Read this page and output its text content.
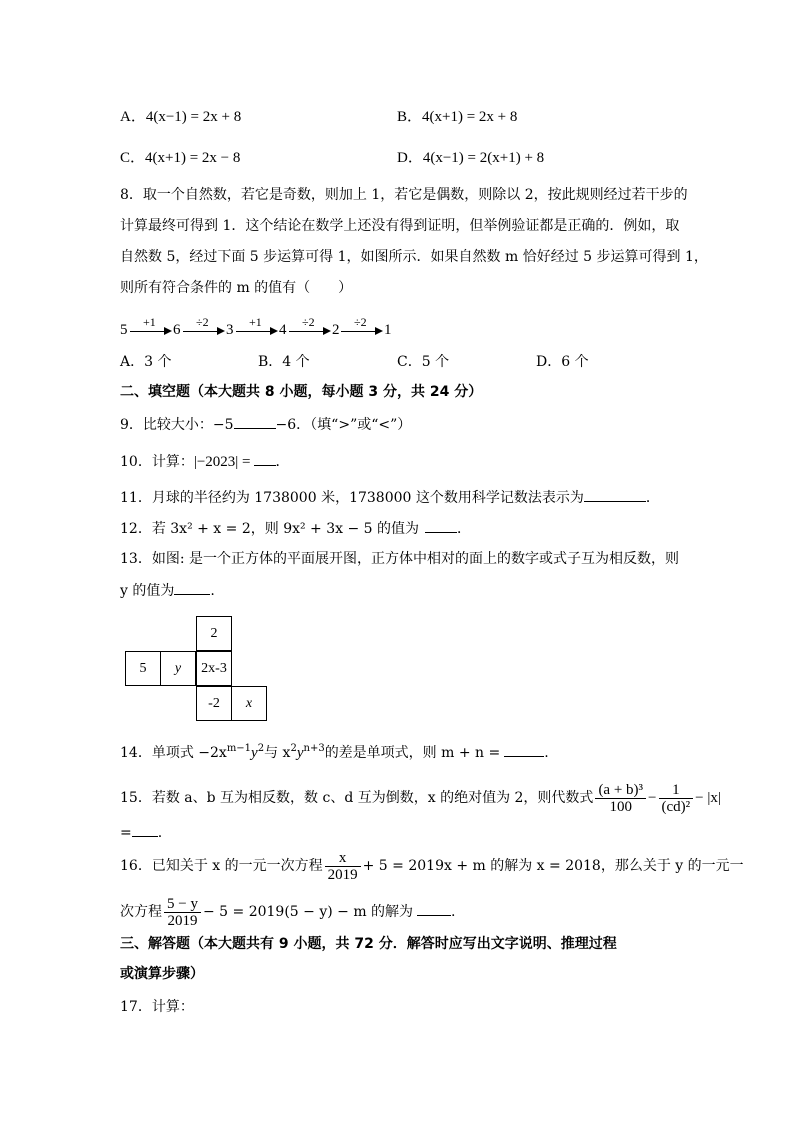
A．4(x−1) = 2x + 8	B．4(x+1) = 2x + 8
C．4(x+1) = 2x − 8	D．4(x−1) = 2(x+1) + 8
8．取一个自然数，若它是奇数，则加上 1，若它是偶数，则除以 2，按此规则经过若干步的
计算最终可得到 1．这个结论在数学上还没有得到证明，但举例验证都是正确的．例如，取
自然数 5，经过下面 5 步运算可得 1，如图所示．如果自然数 m 恰好经过 5 步运算可得到 1，
则所有符合条件的 m 的值有（　　）
5	6	3	4	2	1
+1	÷2	+1	÷2	÷2
A．3 个	B．4 个	C．5 个	D．6 个
二、填空题（本大题共 8 小题，每小题 3 分，共 24 分）
9．比较大小：−5	−6．（填“>”或“<”）
10．计算：|−2023| = ．
11．月球的半径约为 1738000 米，1738000 这个数用科学记数法表示为	．
12．若 3x² + x = 2，则 9x² + 3x − 5 的值为	．
13．如图: 是一个正方体的平面展开图，正方体中相对的面上的数字或式子互为相反数，则
y 的值为	.
2
5	y	2x-3
-2	x
14．单项式 $-2x^{m-1}y^2$与 $x^2y^{n+3}$的差是单项式，则 m + n =	.
15．若数 a、b 互为相反数，数 c、d 互为倒数，x 的绝对值为 2，则代数式 $\frac{\text{(a + b)³}}{100} - \frac{1}{\text{(cd)²}} - |x|$
= .
16．已知关于 x 的一元一次方程 $\frac{x}{2019} + 5 = 2019x + m$ 的解为 x = 2018，那么关于 y 的一元一
次方程 $\frac{5 - y}{2019} - 5 = 2019(5 - y) - m$ 的解为	.
三、解答题（本大题共有 9 小题，共 72 分．解答时应写出文字说明、推理过程
或演算步骤）
17．计算：
